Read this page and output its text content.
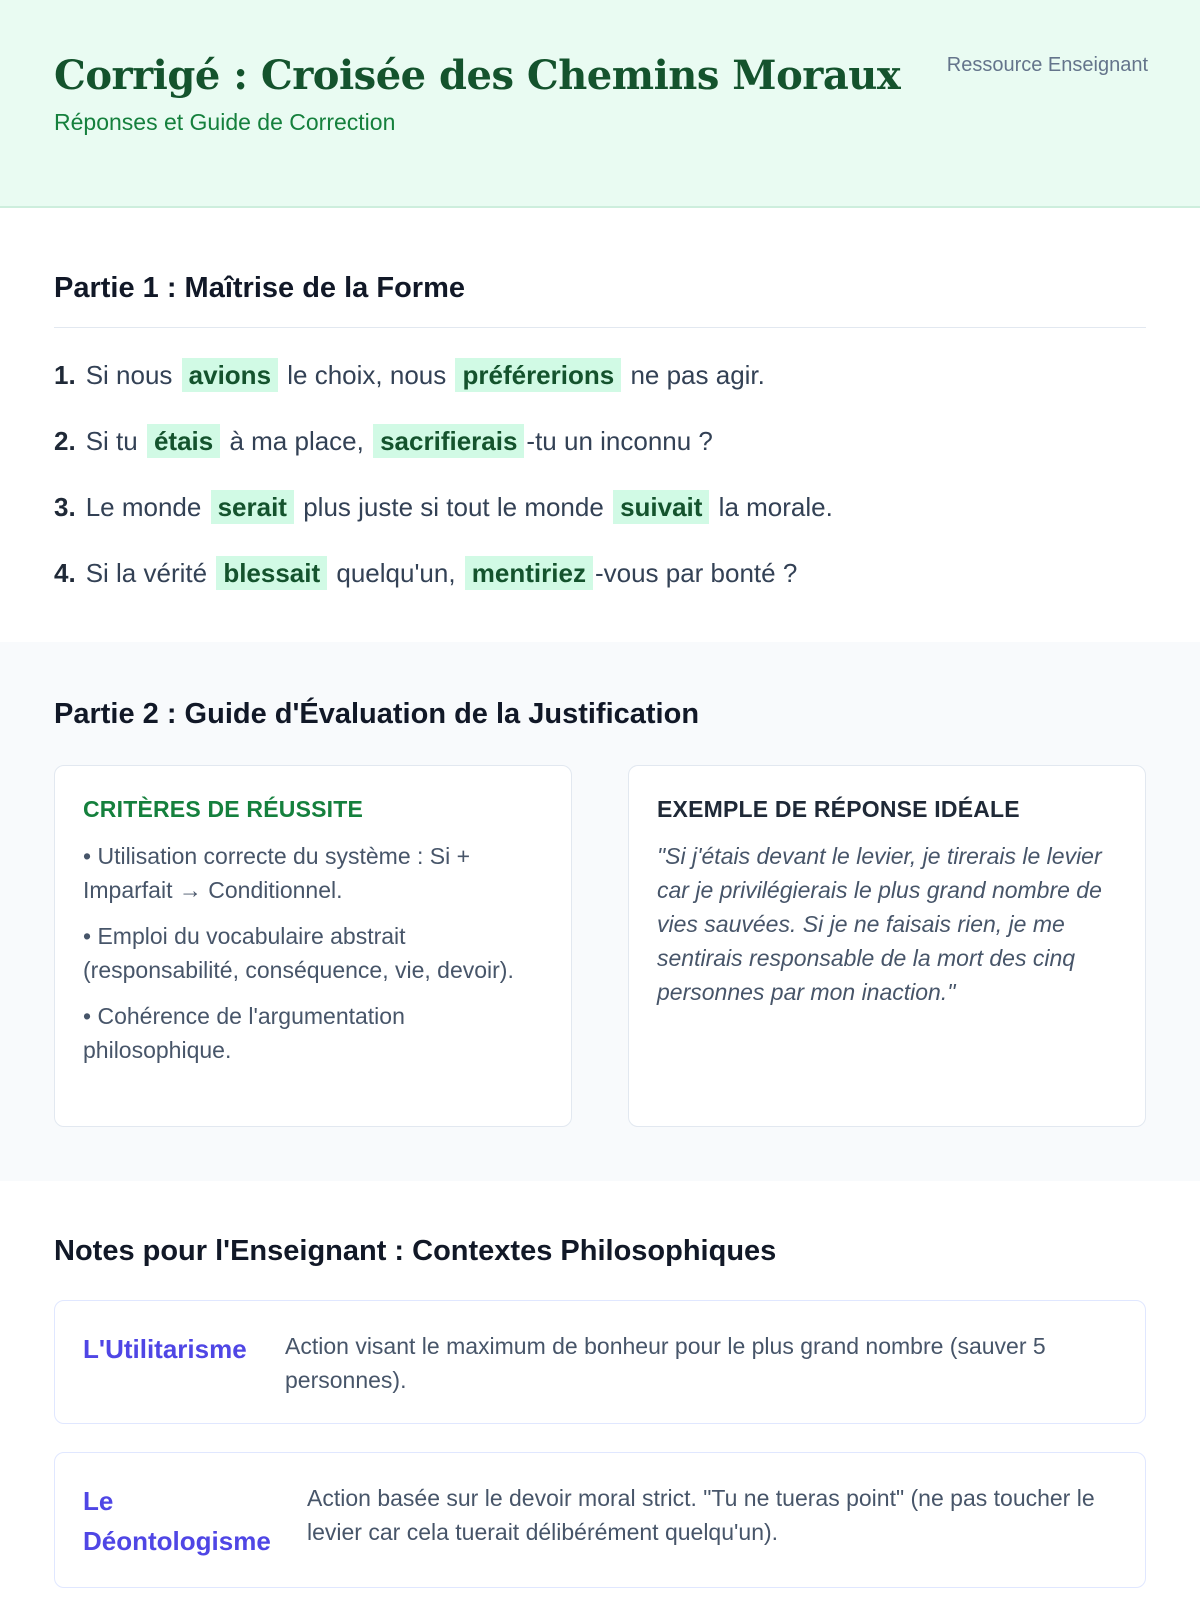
Corrigé : Croisée des Chemins Moraux
Réponses et Guide de Correction
Ressource Enseignant
Partie 1 : Maîtrise de la Forme
1. Si nous avions le choix, nous préférerions ne pas agir.
2. Si tu étais à ma place, sacrifierais -tu un inconnu ?
3. Le monde serait plus juste si tout le monde suivait la morale.
4. Si la vérité blessait quelqu'un, mentiriez -vous par bonté ?
Partie 2 : Guide d'Évaluation de la Justification
CRITÈRES DE RÉUSSITE
• Utilisation correcte du système : Si + Imparfait → Conditionnel.
• Emploi du vocabulaire abstrait (responsabilité, conséquence, vie, devoir).
• Cohérence de l'argumentation philosophique.
EXEMPLE DE RÉPONSE IDÉALE

"Si j'étais devant le levier, je tirerais le levier car je privilégierais le plus grand nombre de vies sauvées. Si je ne faisais rien, je me sentirais responsable de la mort des cinq personnes par mon inaction."

Notes pour l'Enseignant : Contextes Philosophiques
L'Utilitarisme	Action visant le maximum de bonheur pour le plus grand nombre (sauver 5 personnes).
Le Déontologisme
Action basée sur le devoir moral strict. "Tu ne tueras point" (ne pas toucher le levier car cela tuerait délibérément quelqu'un).
